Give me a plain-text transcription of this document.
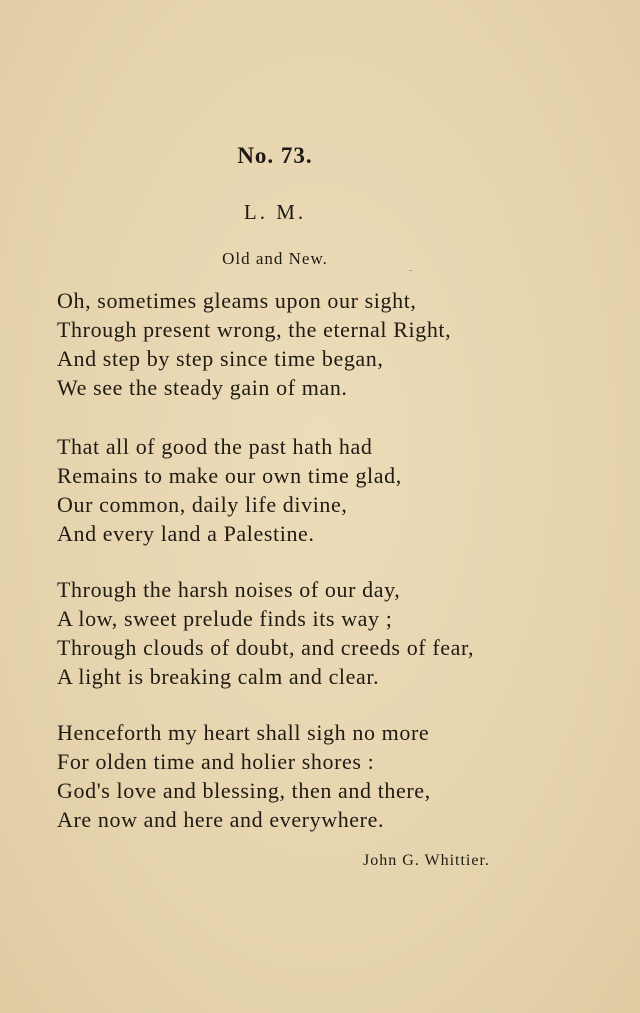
No. 73.
L. M.
Old and New.
Oh, sometimes gleams upon our sight,
Through present wrong, the eternal Right,
And step by step since time began,
We see the steady gain of man.
That all of good the past hath had
Remains to make our own time glad,
Our common, daily life divine,
And every land a Palestine.
Through the harsh noises of our day,
A low, sweet prelude finds its way ;
Through clouds of doubt, and creeds of fear,
A light is breaking calm and clear.
Henceforth my heart shall sigh no more
For olden time and holier shores :
God's love and blessing, then and there,
Are now and here and everywhere.
John G. Whittier.
